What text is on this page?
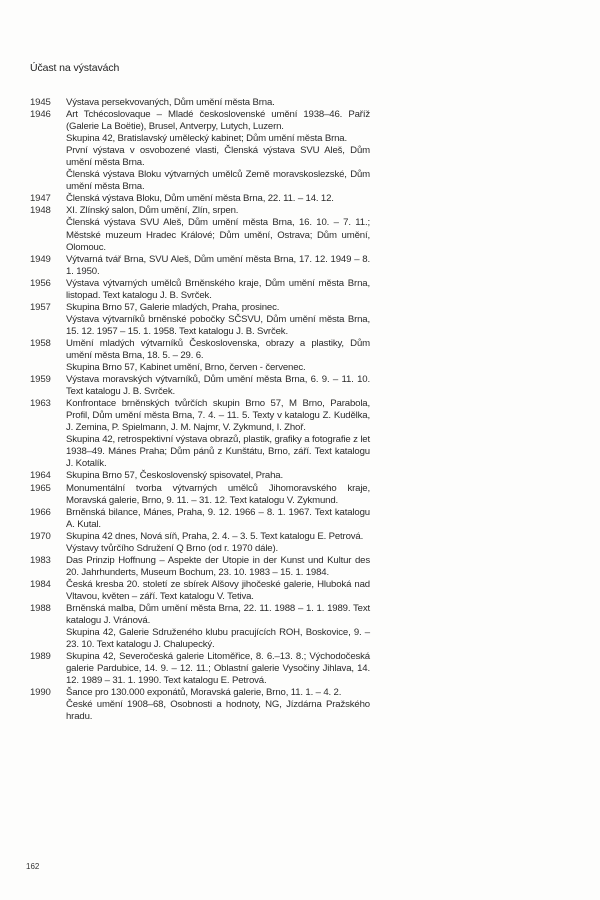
Účast na výstavách
1945	Výstava persekvovaných, Dům umění města Brna.
1946	Art Tchécoslovaque – Mladé československé umění 1938–46. Paříž (Galerie La Boëtie), Brusel, Antverpy, Lutych, Luzern.
Skupina 42, Bratislavský umělecký kabinet; Dům umění města Brna.
První výstava v osvobozené vlasti, Členská výstava SVU Aleš, Dům umění města Brna.
Členská výstava Bloku výtvarných umělců Země moravskoslezské, Dům umění města Brna.
1947	Členská výstava Bloku, Dům umění města Brna, 22. 11. – 14. 12.
1948	XI. Zlínský salon, Dům umění, Zlín, srpen.
Členská výstava SVU Aleš, Dům umění města Brna, 16. 10. – 7. 11.; Městské muzeum Hradec Králové; Dům umění, Ostrava; Dům umění, Olomouc.
1949	Výtvarná tvář Brna, SVU Aleš, Dům umění města Brna, 17. 12. 1949 – 8. 1. 1950.
1956	Výstava výtvarných umělců Brněnského kraje, Dům umění města Brna, listopad. Text katalogu J. B. Svrček.
1957	Skupina Brno 57, Galerie mladých, Praha, prosinec.
Výstava výtvarníků brněnské pobočky SČSVU, Dům umění města Brna, 15. 12. 1957 – 15. 1. 1958. Text katalogu J. B. Svrček.
1958	Umění mladých výtvarníků Československa, obrazy a plastiky, Dům umění města Brna, 18. 5. – 29. 6.
Skupina Brno 57, Kabinet umění, Brno, červen - červenec.
1959	Výstava moravských výtvarníků, Dům umění města Brna, 6. 9. – 11. 10. Text katalogu J. B. Svrček.
1963	Konfrontace brněnských tvůrčích skupin Brno 57, M Brno, Parabola, Profil, Dům umění města Brna, 7. 4. – 11. 5. Texty v katalogu Z. Kudělka, J. Zemina, P. Spielmann, J. M. Najmr, V. Zykmund, I. Zhoř.
Skupina 42, retrospektivní výstava obrazů, plastik, grafiky a fotografie z let 1938–49. Mánes Praha; Dům pánů z Kunštátu, Brno, září. Text katalogu J. Kotalík.
1964	Skupina Brno 57, Československý spisovatel, Praha.
1965	Monumentální tvorba výtvarných umělců Jihomoravského kraje, Moravská galerie, Brno, 9. 11. – 31. 12. Text katalogu V. Zykmund.
1966	Brněnská bilance, Mánes, Praha, 9. 12. 1966 – 8. 1. 1967. Text katalogu A. Kutal.
1970	Skupina 42 dnes, Nová síň, Praha, 2. 4. – 3. 5. Text katalogu E. Petrová.
Výstavy tvůrčího Sdružení Q Brno (od r. 1970 dále).
1983	Das Prinzip Hoffnung – Aspekte der Utopie in der Kunst und Kultur des 20. Jahrhunderts, Museum Bochum, 23. 10. 1983 – 15. 1. 1984.
1984	Česká kresba 20. století ze sbírek Alšovy jihočeské galerie, Hluboká nad Vltavou, květen – září. Text katalogu V. Tetiva.
1988	Brněnská malba, Dům umění města Brna, 22. 11. 1988 – 1. 1. 1989. Text katalogu J. Vránová.
Skupina 42, Galerie Sdruženého klubu pracujících ROH, Boskovice, 9. – 23. 10. Text katalogu J. Chalupecký.
1989	Skupina 42, Severočeská galerie Litoměřice, 8. 6.–13. 8.; Východočeská galerie Pardubice, 14. 9. – 12. 11.; Oblastní galerie Vysočiny Jihlava, 14. 12. 1989 – 31. 1. 1990. Text katalogu E. Petrová.
1990	Šance pro 130.000 exponátů, Moravská galerie, Brno, 11. 1. – 4. 2.
České umění 1908–68, Osobnosti a hodnoty, NG, Jízdárna Pražského hradu.
162
